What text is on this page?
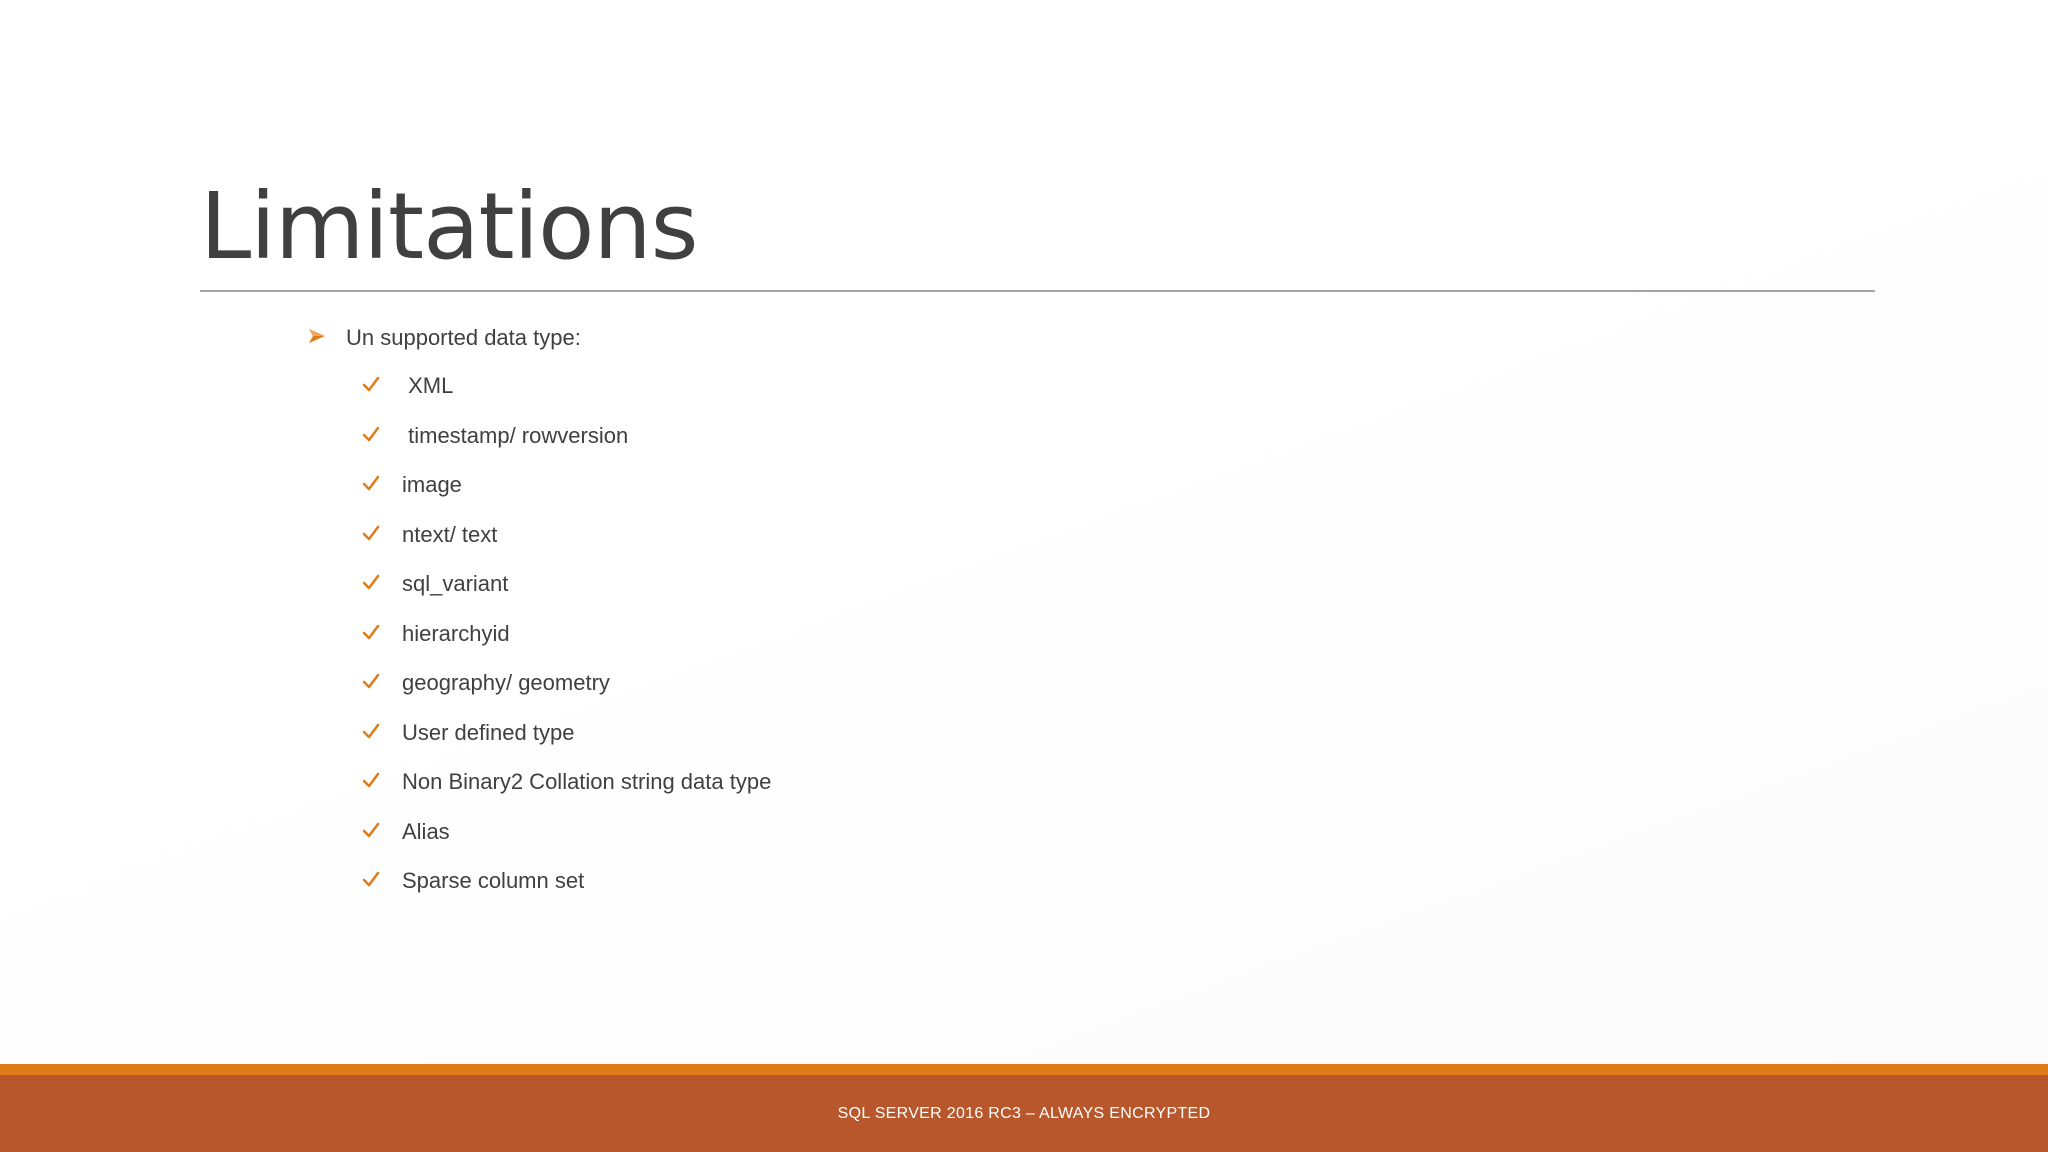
Limitations
Un supported data type:
XML
timestamp/ rowversion
image
ntext/ text
sql_variant
hierarchyid
geography/ geometry
User defined type
Non Binary2 Collation string data type
Alias
Sparse column set
SQL SERVER 2016 RC3 – ALWAYS ENCRYPTED
